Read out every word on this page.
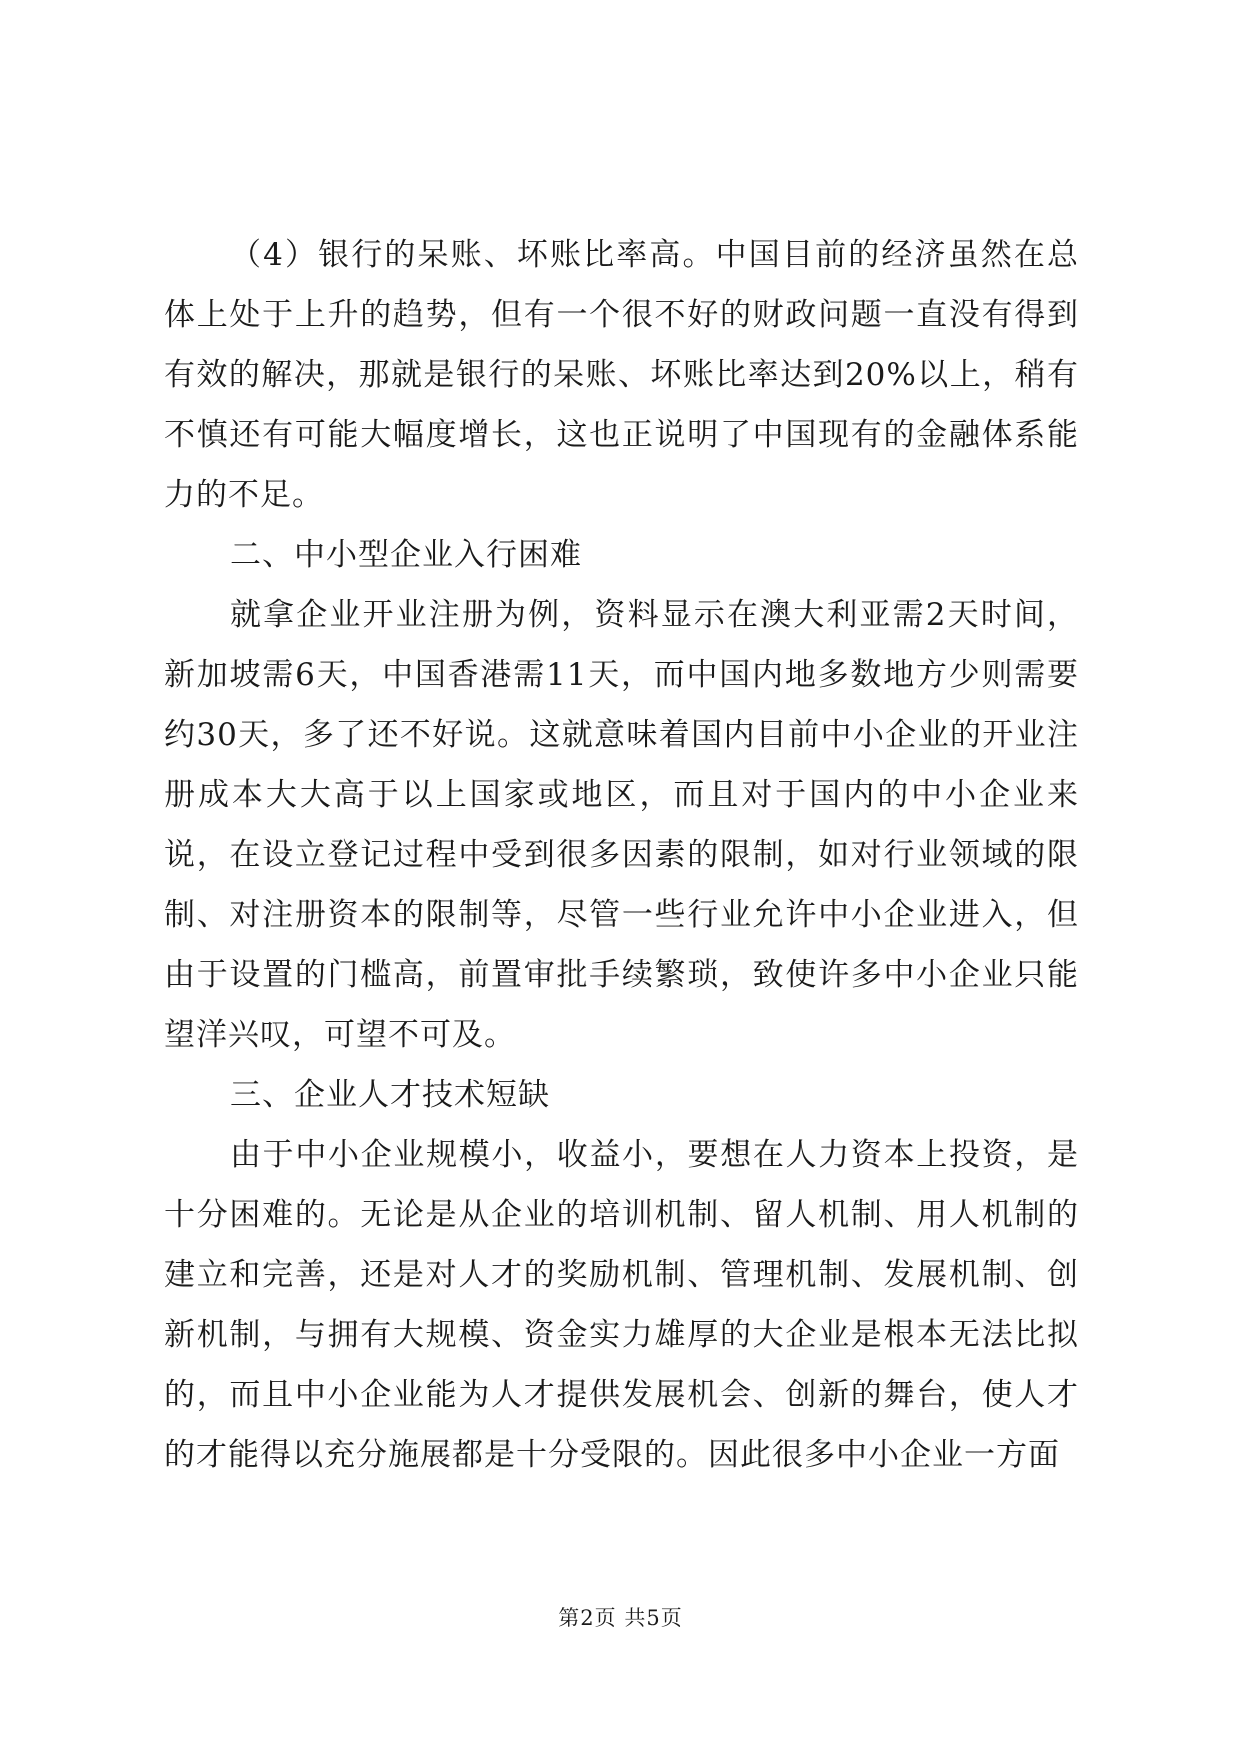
（4）银行的呆账、坏账比率高。中国目前的经济虽然在总体上处于上升的趋势，但有一个很不好的财政问题一直没有得到有效的解决，那就是银行的呆账、坏账比率达到20%以上，稍有不慎还有可能大幅度增长，这也正说明了中国现有的金融体系能力的不足。

二、中小型企业入行困难

就拿企业开业注册为例，资料显示在澳大利亚需2天时间，新加坡需6天，中国香港需11天，而中国内地多数地方少则需要约30天，多了还不好说。这就意味着国内目前中小企业的开业注册成本大大高于以上国家或地区，而且对于国内的中小企业来说，在设立登记过程中受到很多因素的限制，如对行业领域的限制、对注册资本的限制等，尽管一些行业允许中小企业进入，但由于设置的门槛高，前置审批手续繁琐，致使许多中小企业只能望洋兴叹，可望不可及。

三、企业人才技术短缺

由于中小企业规模小，收益小，要想在人力资本上投资，是十分困难的。无论是从企业的培训机制、留人机制、用人机制的建立和完善，还是对人才的奖励机制、管理机制、发展机制、创新机制，与拥有大规模、资金实力雄厚的大企业是根本无法比拟的，而且中小企业能为人才提供发展机会、创新的舞台，使人才的才能得以充分施展都是十分受限的。因此很多中小企业一方面

第2页 共5页
